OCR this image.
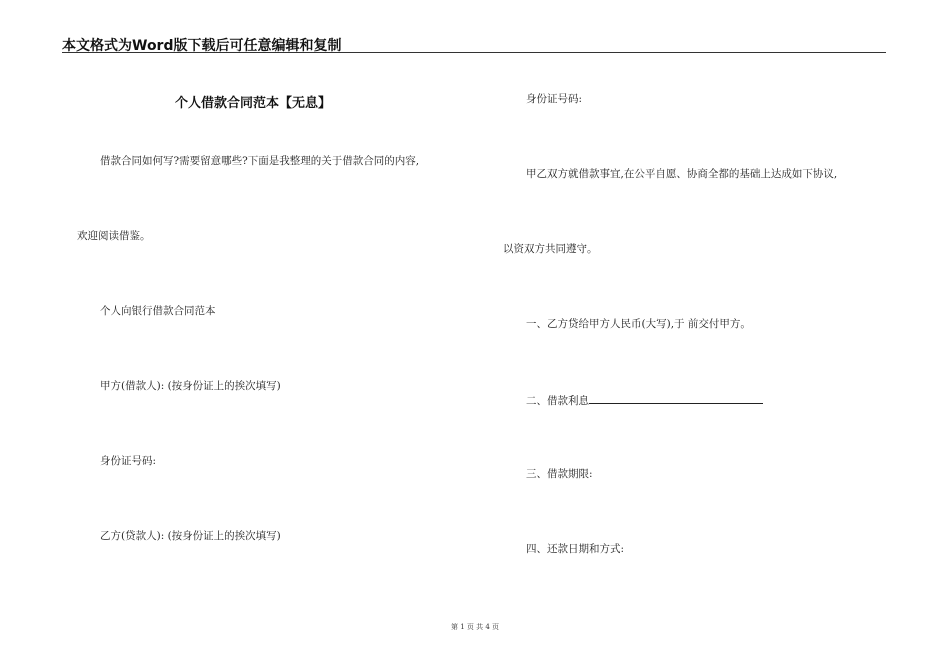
本文格式为Word版下载后可任意编辑和复制
个人借款合同范本【无息】
借款合同如何写?需要留意哪些?下面是我整理的关于借款合同的内容,
欢迎阅读借鉴。
个人向银行借款合同范本
甲方(借款人): (按身份证上的挨次填写)
身份证号码:
乙方(贷款人): (按身份证上的挨次填写)
身份证号码:
甲乙双方就借款事宜,在公平自愿、协商全都的基础上达成如下协议,
以资双方共同遵守。
一、乙方贷给甲方人民币(大写),于 前交付甲方。
二、借款利息
三、借款期限:
四、还款日期和方式:
第 1 页 共 4 页
